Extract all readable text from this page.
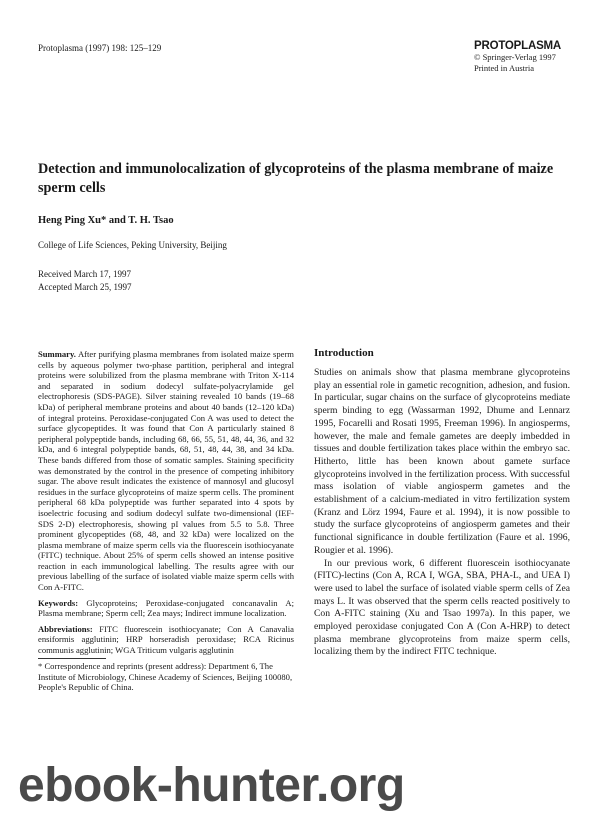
Protoplasma (1997) 198: 125–129	PROTOPLASMA
© Springer-Verlag 1997
Printed in Austria
Detection and immunolocalization of glycoproteins of the plasma membrane of maize sperm cells
Heng Ping Xu* and T. H. Tsao
College of Life Sciences, Peking University, Beijing
Received March 17, 1997
Accepted March 25, 1997

Summary. After purifying plasma membranes from isolated maize sperm cells by aqueous polymer two-phase partition, peripheral and integral proteins were solubilized from the plasma membrane with Triton X-114 and separated in sodium dodecyl sulfate-polyacrylamide gel electrophoresis (SDS-PAGE). Silver staining revealed 10 bands (19–68 kDa) of peripheral membrane proteins and about 40 bands (12–120 kDa) of integral proteins. Peroxidase-conjugated Con A was used to detect the surface glycopeptides. It was found that Con A particularly stained 8 peripheral polypeptide bands, including 68, 66, 55, 51, 48, 44, 36, and 32 kDa, and 6 integral polypeptide bands, 68, 51, 48, 44, 38, and 34 kDa. These bands differed from those of somatic samples. Staining specificity was demonstrated by the control in the presence of competing inhibitory sugar. The above result indicates the existence of mannosyl and glucosyl residues in the surface glycoproteins of maize sperm cells. The prominent peripheral 68 kDa polypeptide was further separated into 4 spots by isoelectric focusing and sodium dodecyl sulfate two-dimensional (IEF-SDS 2-D) electrophoresis, showing pI values from 5.5 to 5.8. Three prominent glycopeptides (68, 48, and 32 kDa) were localized on the plasma membrane of maize sperm cells via the fluorescein isothiocyanate (FITC) technique. About 25% of sperm cells showed an intense positive reaction in each immunological labelling. The results agree with our previous labelling of the surface of isolated viable maize sperm cells with Con A-FITC.

Keywords: Glycoproteins; Peroxidase-conjugated concanavalin A; Plasma membrane; Sperm cell; Zea mays; Indirect immune localization.

Abbreviations: FITC fluorescein isothiocyanate; Con A Canavalia ensiformis agglutinin; HRP horseradish peroxidase; RCA Ricinus communis agglutinin; WGA Triticum vulgaris agglutinin

* Correspondence and reprints (present address): Department 6, The Institute of Microbiology, Chinese Academy of Sciences, Beijing 100080, People's Republic of China.
Introduction

Studies on animals show that plasma membrane glycoproteins play an essential role in gametic recognition, adhesion, and fusion. In particular, sugar chains on the surface of glycoproteins mediate sperm binding to egg (Wassarman 1992, Dhume and Lennarz 1995, Focarelli and Rosati 1995, Freeman 1996). In angiosperms, however, the male and female gametes are deeply imbedded in tissues and double fertilization takes place within the embryo sac. Hitherto, little has been known about gamete surface glycoproteins involved in the fertilization process. With successful mass isolation of viable angiosperm gametes and the establishment of a calcium-mediated in vitro fertilization system (Kranz and Lörz 1994, Faure et al. 1994), it is now possible to study the surface glycoproteins of angiosperm gametes and their functional significance in double fertilization (Faure et al. 1996, Rougier et al. 1996).

In our previous work, 6 different fluorescein isothiocyanate (FITC)-lectins (Con A, RCA I, WGA, SBA, PHA-L, and UEA I) were used to label the surface of isolated viable sperm cells of Zea mays L. It was observed that the sperm cells reacted positively to Con A-FITC staining (Xu and Tsao 1997a). In this paper, we employed peroxidase conjugated Con A (Con A-HRP) to detect plasma membrane glycoproteins from maize sperm cells, localizing them by the indirect FITC technique.

ebook-hunter.org
